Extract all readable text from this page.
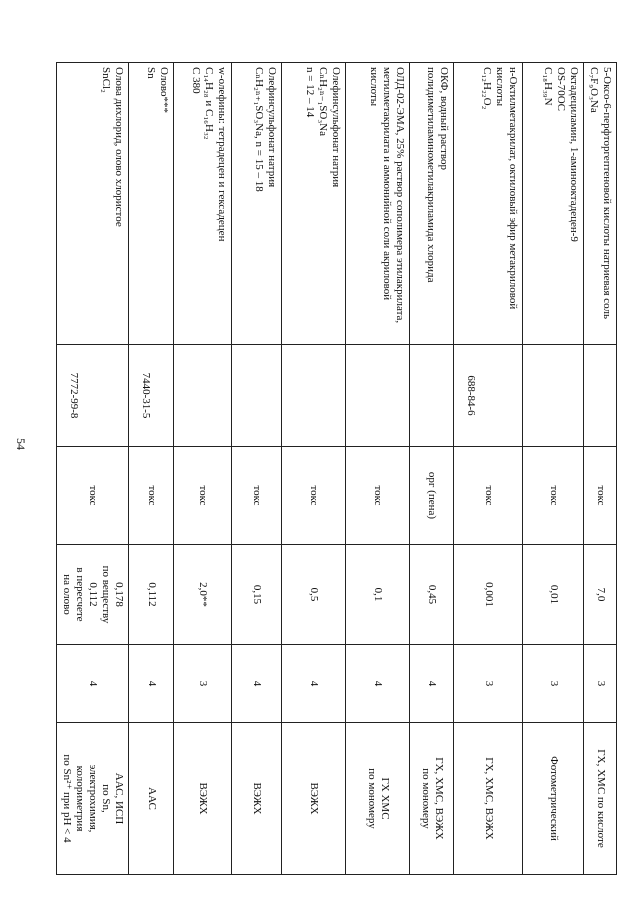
54
5-Оксо-6-перфторгептеновой кислоты натриевая соль
C₇F₉O₃Na		токс	7,0	3	ГХ, ХМС по кислоте

Октадециламин, 1-аминооктадецен-9
OS-70OC
C₁₈H₃₉N		токс	0,01	3	Фотометрический

н-Октилметакрилат, октиловый эфир метакриловой кислоты
C₁₂H₂₂O₂	688-84-6	токс	0,001	3	ГХ, ХМС, ВЭЖХ

ОКФ, водный раствор полидиметиламинометилакриламида хлорида		орг (пена)	0,45	4	ГХ, ХМС, ВЭЖХ
по мономеру

ОЛД-02-ЭМА, 25% раствор сополимера этилакрилата, метилметакрилата и аммонийной соли акриловой кислоты		токс	0,1	4	ГХ ХМС
по мономеру

Олефинсульфонат натрия
CₙH₂ₙ₋₁SO₃Na
n = 12 – 14		токс	0,5	4	ВЭЖХ

Олефинсульфонат натрия
CₙH₂ₙ₊₁SO₃Na, n = 15 – 18		токс	0,15	4	ВЭЖХ

w-олефины: тетрадецен и гексадецен
C₁₄H₂₈ и C₁₆H₃₂
C 380		токс	2,0**	3	ВЭЖХ

Олово***
Sn	7440-31-5	токс	0,112	4	ААС

Олова дихлорид, олово хлористое
SnCl₂	7772-99-8	токс	0,178
по веществу
0,112
в пересчете
на олово	4	ААС, ИСП
по Sn,
электрохимия,
колориметрия
по Sn²⁺ при pH < 4
